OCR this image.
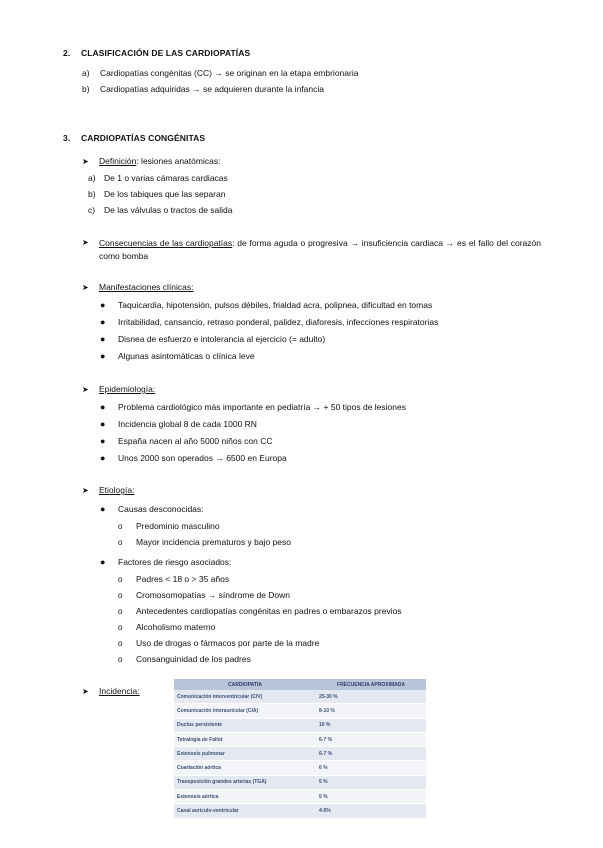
2. CLASIFICACIÓN DE LAS CARDIOPATÍAS
a) Cardiopatías congénitas (CC) → se originan en la etapa embrionaria
b) Cardiopatías adquiridas → se adquieren durante la infancia
3. CARDIOPATÍAS CONGÉNITAS
➤ Definición: lesiones anatómicas:
a) De 1 o varias cámaras cardiacas
b) De los tabiques que las separan
c) De las válvulas o tractos de salida
➤	Consecuencias de las cardiopatías: de forma aguda o progresiva → insuficiencia cardiaca → es el fallo del corazón como bomba
➤ Manifestaciones clínicas:
● Taquicardia, hipotensión, pulsos débiles, frialdad acra, polipnea, dificultad en tomas
● Irritabilidad, cansancio, retraso ponderal, palidez, diaforesis, infecciones respiratorias
● Disnea de esfuerzo e intolerancia al ejercicio (= adulto)
● Algunas asintomáticas o clínica leve
➤ Epidemiología:
● Problema cardiológico más importante en pediatría → + 50 tipos de lesiones
● Incidencia global 8 de cada 1000 RN
● España nacen al año 5000 niños con CC
● Unos 2000 son operados → 6500 en Europa
➤ Etiología:
● Causas desconocidas:
o Predominio masculino
o Mayor incidencia prematuros y bajo peso
● Factores de riesgo asociados:
o Padres < 18 o > 35 años
o Cromosomopatías → síndrome de Down
o Antecedentes cardiopatías congénitas en padres o embarazos previos
o Alcoholismo materno
o Uso de drogas o fármacos por parte de la madre
o Consanguinidad de los padres
➤ Incidencia:
CARDIOPATIA	FRECUENCIA APROXIMADA
Comunicación interventricular (CIV)	25-30 %
Comunicación interauricular (CIA)	8-10 %
Ductus persistente	10 %
Tetralogía de Fallot	6-7 %
Estenosis pulmonar	6-7 %
Coartación aórtica	6 %
Transposición grandes arterias (TGA)	5 %
Estenosis aórtica	5 %
Canal auriculo-ventricular	4-5%
